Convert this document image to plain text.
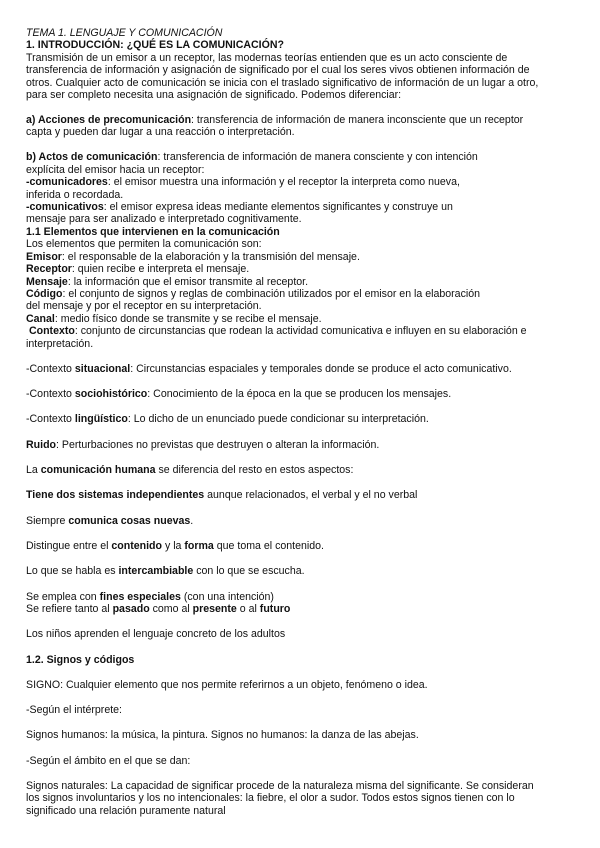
TEMA 1. LENGUAJE Y COMUNICACIÓN
1. INTRODUCCIÓN: ¿QUÉ ES LA COMUNICACIÓN?
Transmisión de un emisor a un receptor, las modernas teorías entienden que es un acto consciente de
transferencia de información y asignación de significado por el cual los seres vivos obtienen información de
otros. Cualquier acto de comunicación se inicia con el traslado significativo de información de un lugar a otro,
para ser completo necesita una asignación de significado. Podemos diferenciar:
a) Acciones de precomunicación: transferencia de información de manera inconsciente que un receptor
capta y pueden dar lugar a una reacción o interpretación.
b) Actos de comunicación: transferencia de información de manera consciente y con intención
explícita del emisor hacia un receptor:
-comunicadores: el emisor muestra una información y el receptor la interpreta como nueva,
inferida o recordada.
-comunicativos: el emisor expresa ideas mediante elementos significantes y construye un
mensaje para ser analizado e interpretado cognitivamente.
1.1 Elementos que intervienen en la comunicación
Los elementos que permiten la comunicación son:
Emisor: el responsable de la elaboración y la transmisión del mensaje.
Receptor: quien recibe e interpreta el mensaje.
Mensaje: la información que el emisor transmite al receptor.
Código: el conjunto de signos y reglas de combinación utilizados por el emisor en la elaboración
del mensaje y por el receptor en su interpretación.
Canal: medio físico donde se transmite y se recibe el mensaje.
Contexto: conjunto de circunstancias que rodean la actividad comunicativa e influyen en su elaboración e
interpretación.
-Contexto situacional: Circunstancias espaciales y temporales donde se produce el acto comunicativo.
-Contexto sociohistórico: Conocimiento de la época en la que se producen los mensajes.
-Contexto lingüístico: Lo dicho de un enunciado puede condicionar su interpretación.
Ruido: Perturbaciones no previstas que destruyen o alteran la información.
La comunicación humana se diferencia del resto en estos aspectos:
Tiene dos sistemas independientes aunque relacionados, el verbal y el no verbal
Siempre comunica cosas nuevas.
Distingue entre el contenido y la forma que toma el contenido.
Lo que se habla es intercambiable con lo que se escucha.
Se emplea con fines especiales (con una intención)
Se refiere tanto al pasado como al presente o al futuro
Los niños aprenden el lenguaje concreto de los adultos
1.2. Signos y códigos
SIGNO: Cualquier elemento que nos permite referirnos a un objeto, fenómeno o idea.
-Según el intérprete:
Signos humanos: la música, la pintura. Signos no humanos: la danza de las abejas.
-Según el ámbito en el que se dan:
Signos naturales: La capacidad de significar procede de la naturaleza misma del significante. Se consideran
los signos involuntarios y los no intencionales: la fiebre, el olor a sudor. Todos estos signos tienen con lo
significado una relación puramente natural
